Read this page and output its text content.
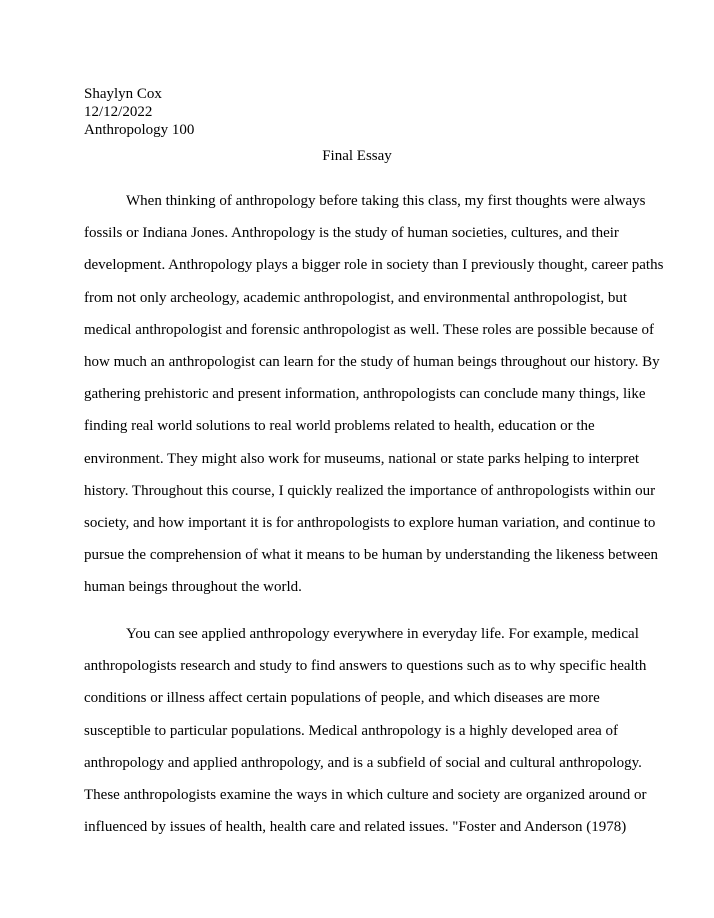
Shaylyn Cox
12/12/2022
Anthropology 100
Final Essay
When thinking of anthropology before taking this class, my first thoughts were always
fossils or Indiana Jones. Anthropology is the study of human societies, cultures, and their
development. Anthropology plays a bigger role in society than I previously thought, career paths
from not only archeology, academic anthropologist, and environmental anthropologist, but
medical anthropologist and forensic anthropologist as well. These roles are possible because of
how much an anthropologist can learn for the study of human beings throughout our history. By
gathering prehistoric and present information, anthropologists can conclude many things, like
finding real world solutions to real world problems related to health, education or the
environment. They might also work for museums, national or state parks helping to interpret
history. Throughout this course, I quickly realized the importance of anthropologists within our
society, and how important it is for anthropologists to explore human variation, and continue to
pursue the comprehension of what it means to be human by understanding the likeness between
human beings throughout the world.
You can see applied anthropology everywhere in everyday life. For example, medical
anthropologists research and study to find answers to questions such as to why specific health
conditions or illness affect certain populations of people, and which diseases are more
susceptible to particular populations. Medical anthropology is a highly developed area of
anthropology and applied anthropology, and is a subfield of social and cultural anthropology.
These anthropologists examine the ways in which culture and society are organized around or
influenced by issues of health, health care and related issues. "Foster and Anderson (1978)
